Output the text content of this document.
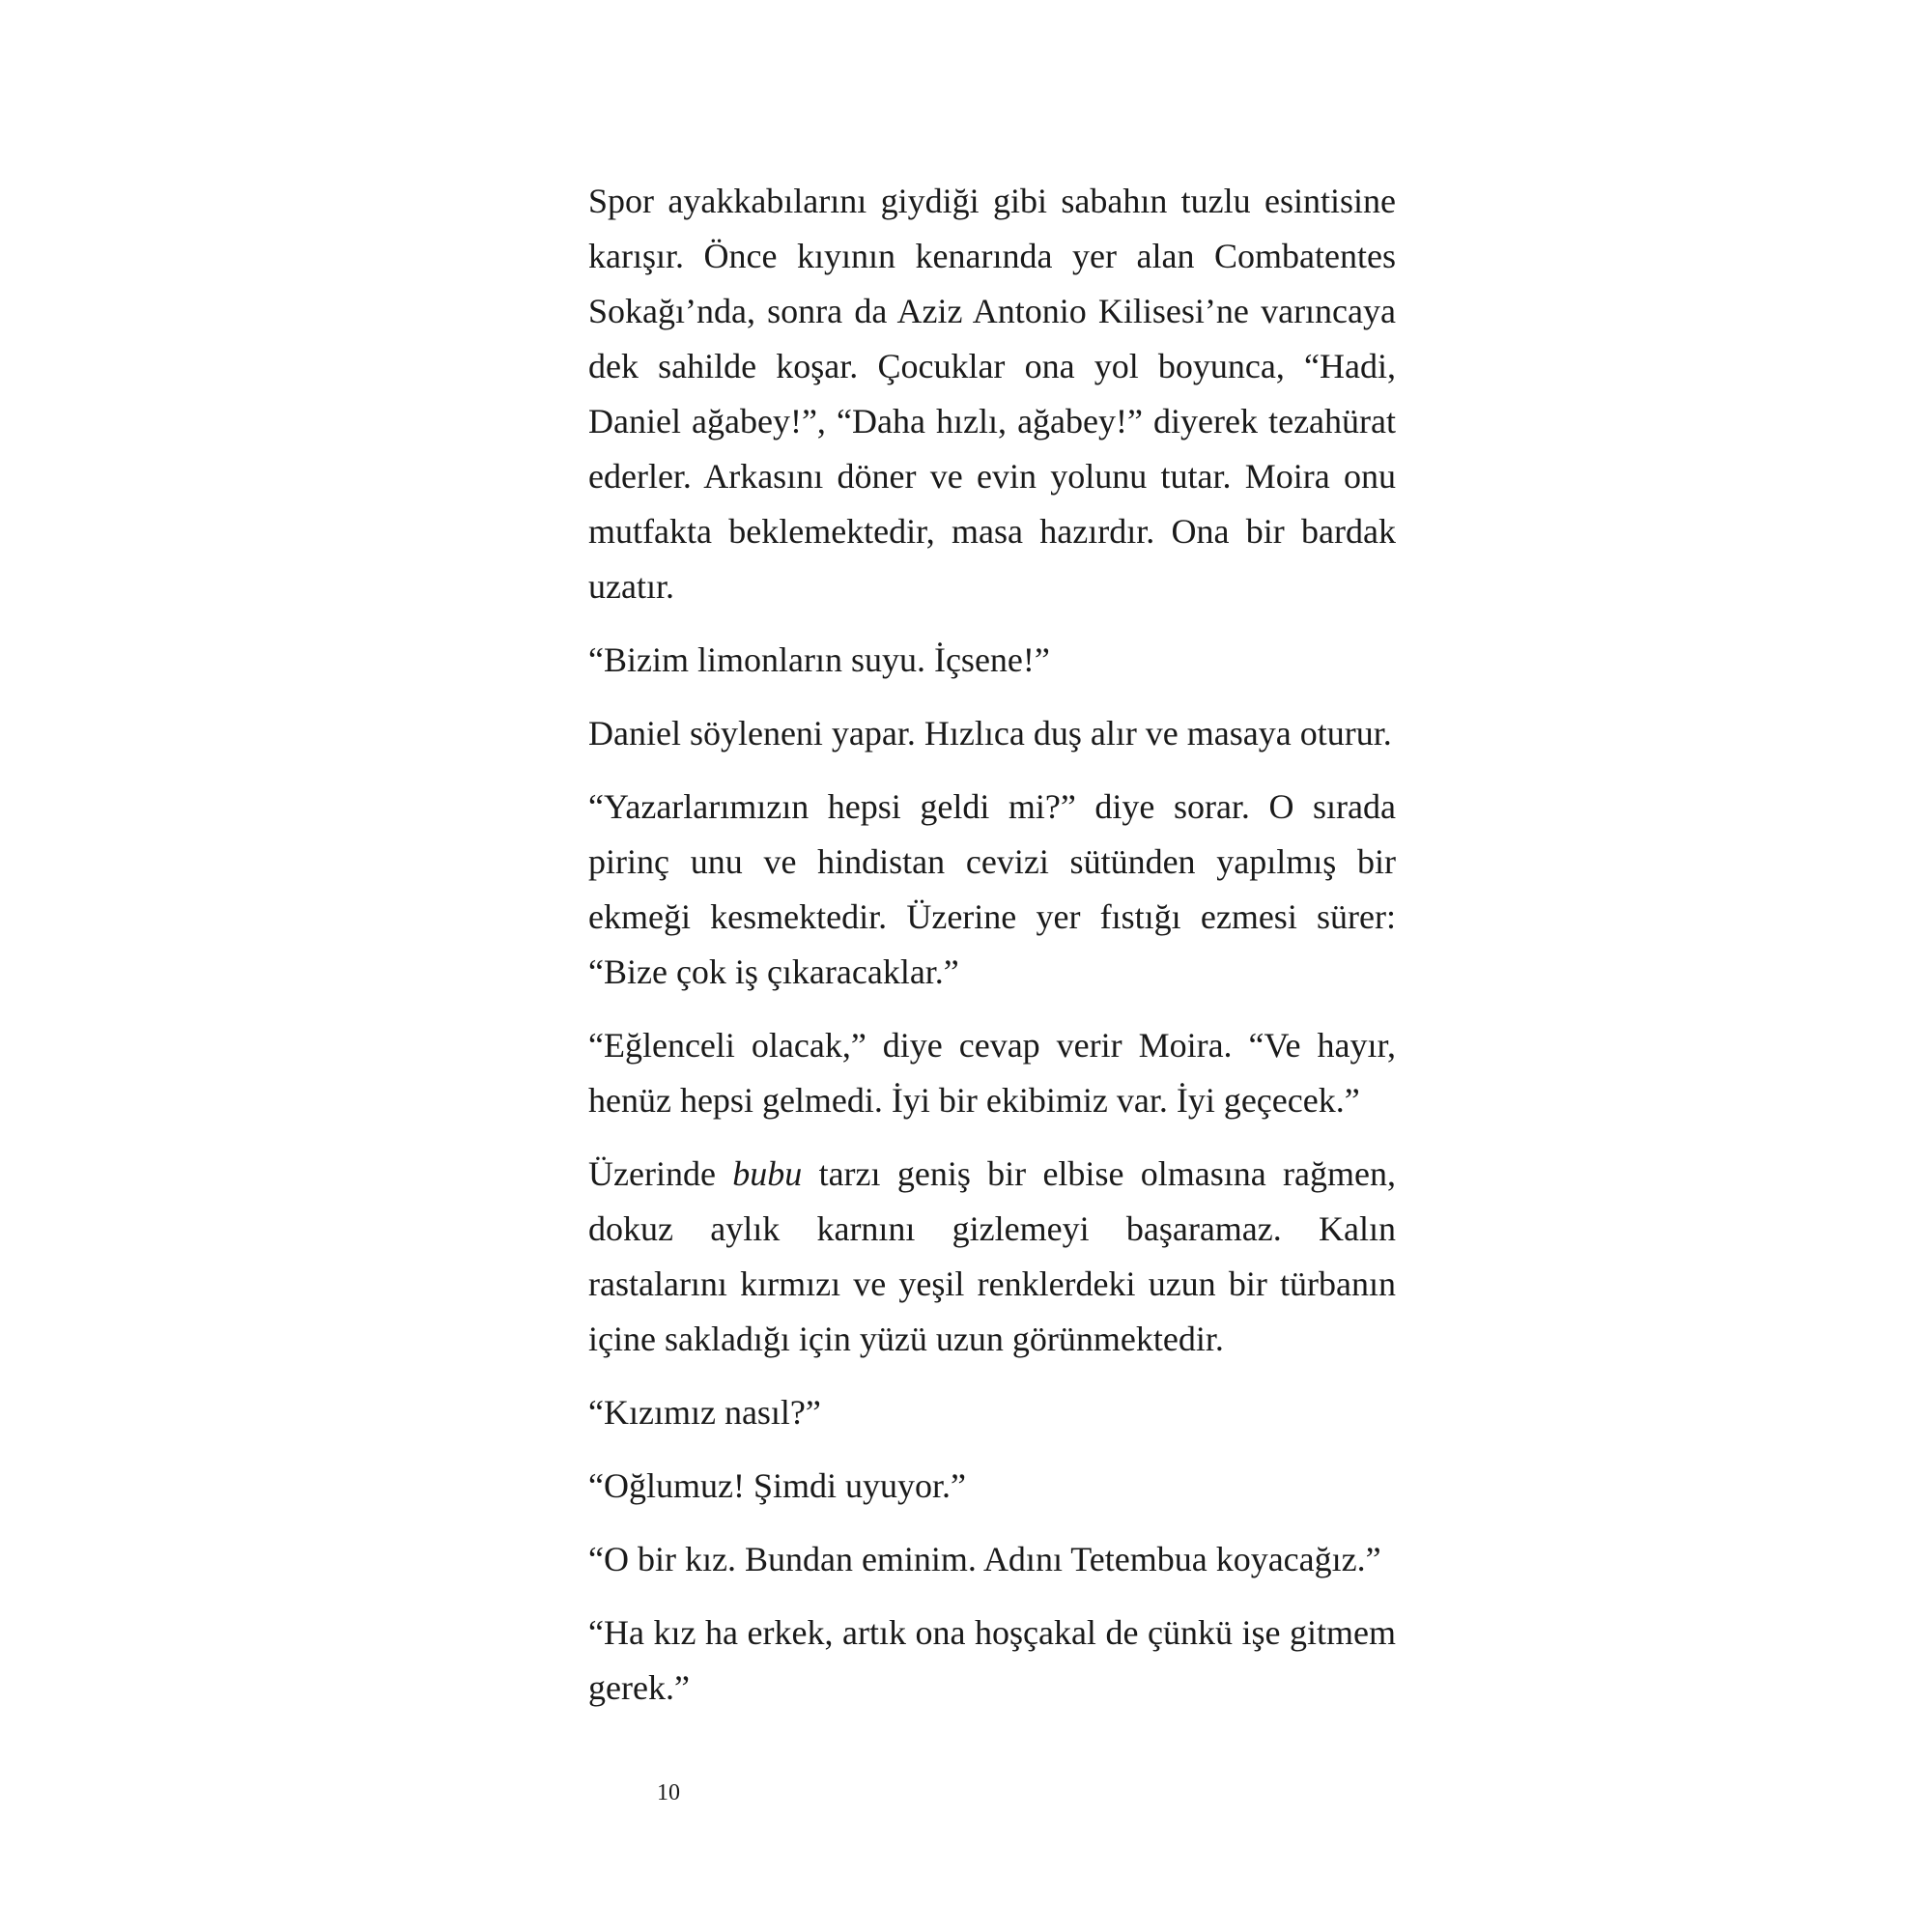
Spor ayakkabılarını giydiği gibi sabahın tuzlu esintisine karışır. Önce kıyının kenarında yer alan Combatentes Sokağı’nda, sonra da Aziz Antonio Kilisesi’ne varıncaya dek sahilde koşar. Çocuklar ona yol boyunca, “Hadi, Daniel ağabey!”, “Daha hızlı, ağabey!” diyerek tezahürat ederler. Arkasını döner ve evin yolunu tutar. Moira onu mutfakta beklemektedir, masa hazırdır. Ona bir bardak uzatır.

“Bizim limonların suyu. İçsene!”

Daniel söyleneni yapar. Hızlıca duş alır ve masaya oturur.

“Yazarlarımızın hepsi geldi mi?” diye sorar. O sırada pirinç unu ve hindistan cevizi sütünden yapılmış bir ekmeği kesmektedir. Üzerine yer fıstığı ezmesi sürer: “Bize çok iş çıkaracaklar.”

“Eğlenceli olacak,” diye cevap verir Moira. “Ve hayır, henüz hepsi gelmedi. İyi bir ekibimiz var. İyi geçecek.”

Üzerinde bubu tarzı geniş bir elbise olmasına rağmen, dokuz aylık karnını gizlemeyi başaramaz. Kalın rastalarını kırmızı ve yeşil renklerdeki uzun bir türbanın içine sakladığı için yüzü uzun görünmektedir.

“Kızımız nasıl?”

“Oğlumuz! Şimdi uyuyor.”

“O bir kız. Bundan eminim. Adını Tetembua koyacağız.”

“Ha kız ha erkek, artık ona hoşçakal de çünkü işe gitmem gerek.”

10
